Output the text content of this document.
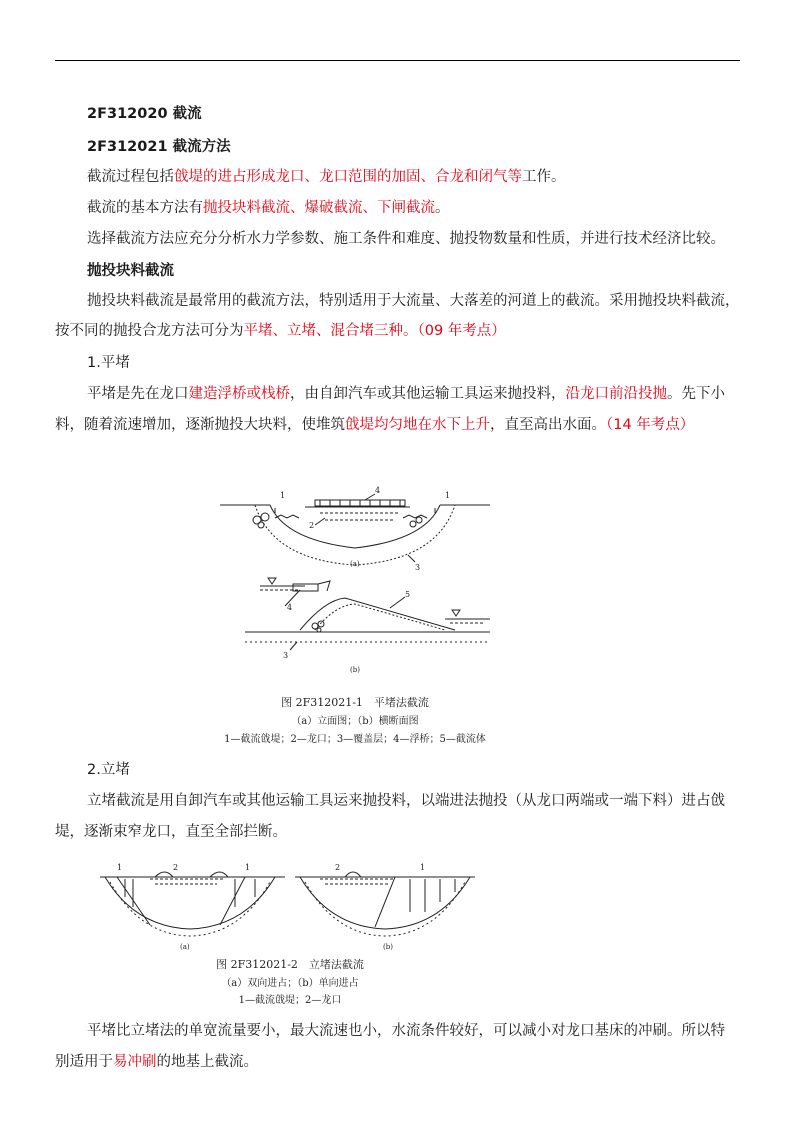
2F312020 截流
2F312021 截流方法
截流过程包括戗堤的进占形成龙口、龙口范围的加固、合龙和闭气等工作。
截流的基本方法有抛投块料截流、爆破截流、下闸截流。
选择截流方法应充分分析水力学参数、施工条件和难度、抛投物数量和性质，并进行技术经济比较。
抛投块料截流
抛投块料截流是最常用的截流方法，特别适用于大流量、大落差的河道上的截流。采用抛投块料截流，
按不同的抛投合龙方法可分为平堵、立堵、混合堵三种。（09 年考点）
1.平堵
平堵是先在龙口建造浮桥或栈桥，由自卸汽车或其他运输工具运来抛投料，沿龙口前沿投抛。先下小
料，随着流速增加，逐渐抛投大块料，使堆筑戗堤均匀地在水下上升，直至高出水面。（14 年考点）
1	1
2
3
4
(a)
5
4
3
(b)
图 2F312021-1　平堵法截流
（a）立面图；（b）横断面图
1—截流戗堤；2—龙口；3—覆盖层；4—浮桥；5—截流体
2.立堵
立堵截流是用自卸汽车或其他运输工具运来抛投料，以端进法抛投（从龙口两端或一端下料）进占戗
堤，逐渐束窄龙口，直至全部拦断。
1	2	1
(a)
2	1
(b)
图 2F312021-2　立堵法截流
（a）双向进占；（b）单向进占
1—截流戗堤；2—龙口
平堵比立堵法的单宽流量要小，最大流速也小，水流条件较好，可以减小对龙口基床的冲刷。所以特
别适用于易冲刷的地基上截流。
